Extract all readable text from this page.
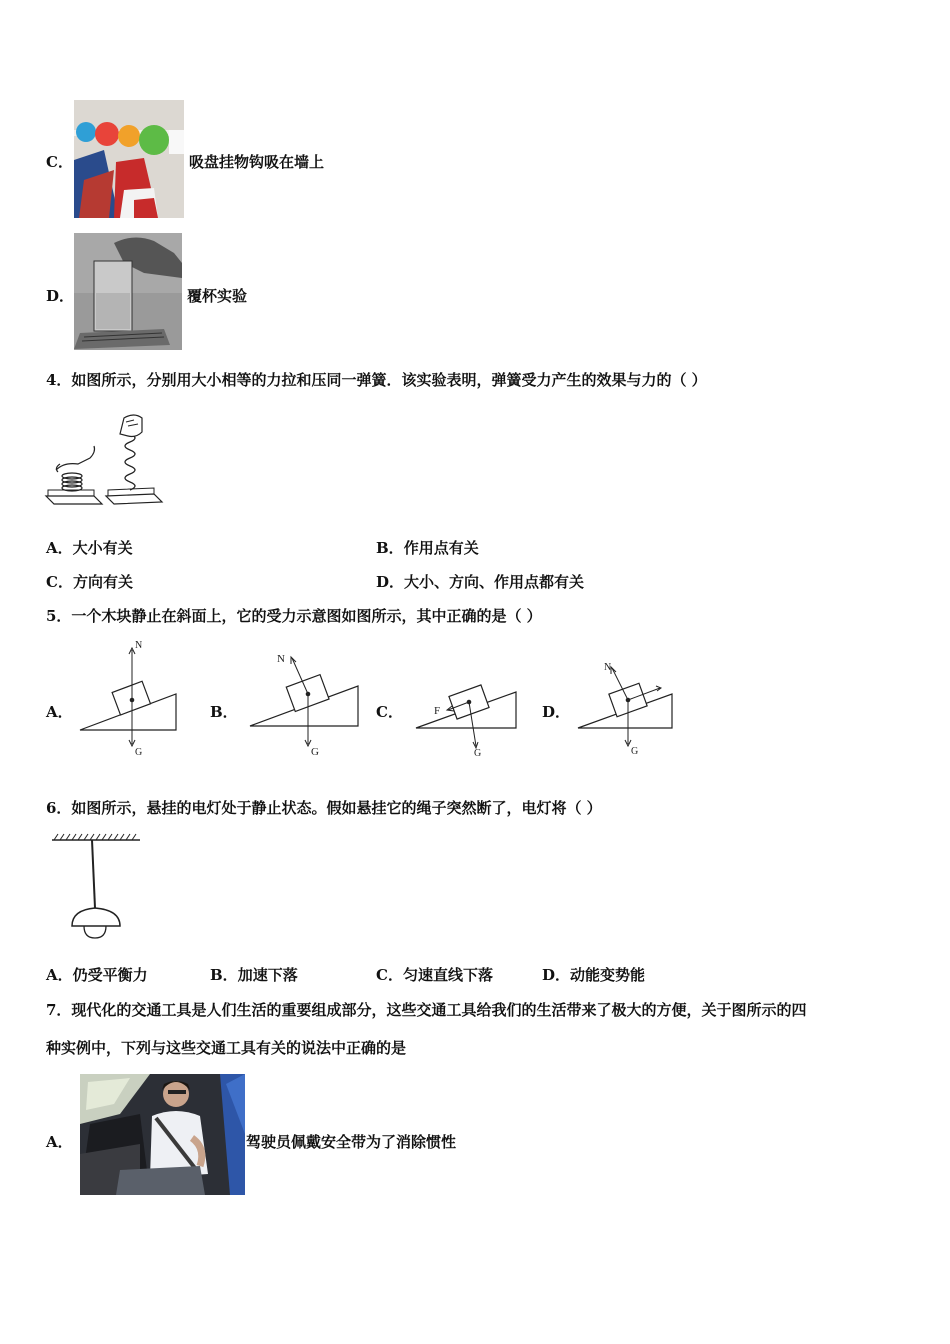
C．	吸盘挂物钩吸在墙上
D．	覆杯实验
4．如图所示，分别用大小相等的力拉和压同一弹簧．该实验表明，弹簧受力产生的效果与力的（ ）
A．大小有关	B．作用点有关
C．方向有关	D．大小、方向、作用点都有关
5．一个木块静止在斜面上，它的受力示意图如图所示，其中正确的是（ ）
A．
N
G
B．
N
G
C．	F
G
D．
N
G
6．如图所示，悬挂的电灯处于静止状态。假如悬挂它的绳子突然断了，电灯将（ ）
A．仍受平衡力	B．加速下落	C．匀速直线下落	D．动能变势能
7．现代化的交通工具是人们生活的重要组成部分，这些交通工具给我们的生活带来了极大的方便，关于图所示的四
种实例中，下列与这些交通工具有关的说法中正确的是
A．	驾驶员佩戴安全带为了消除惯性
